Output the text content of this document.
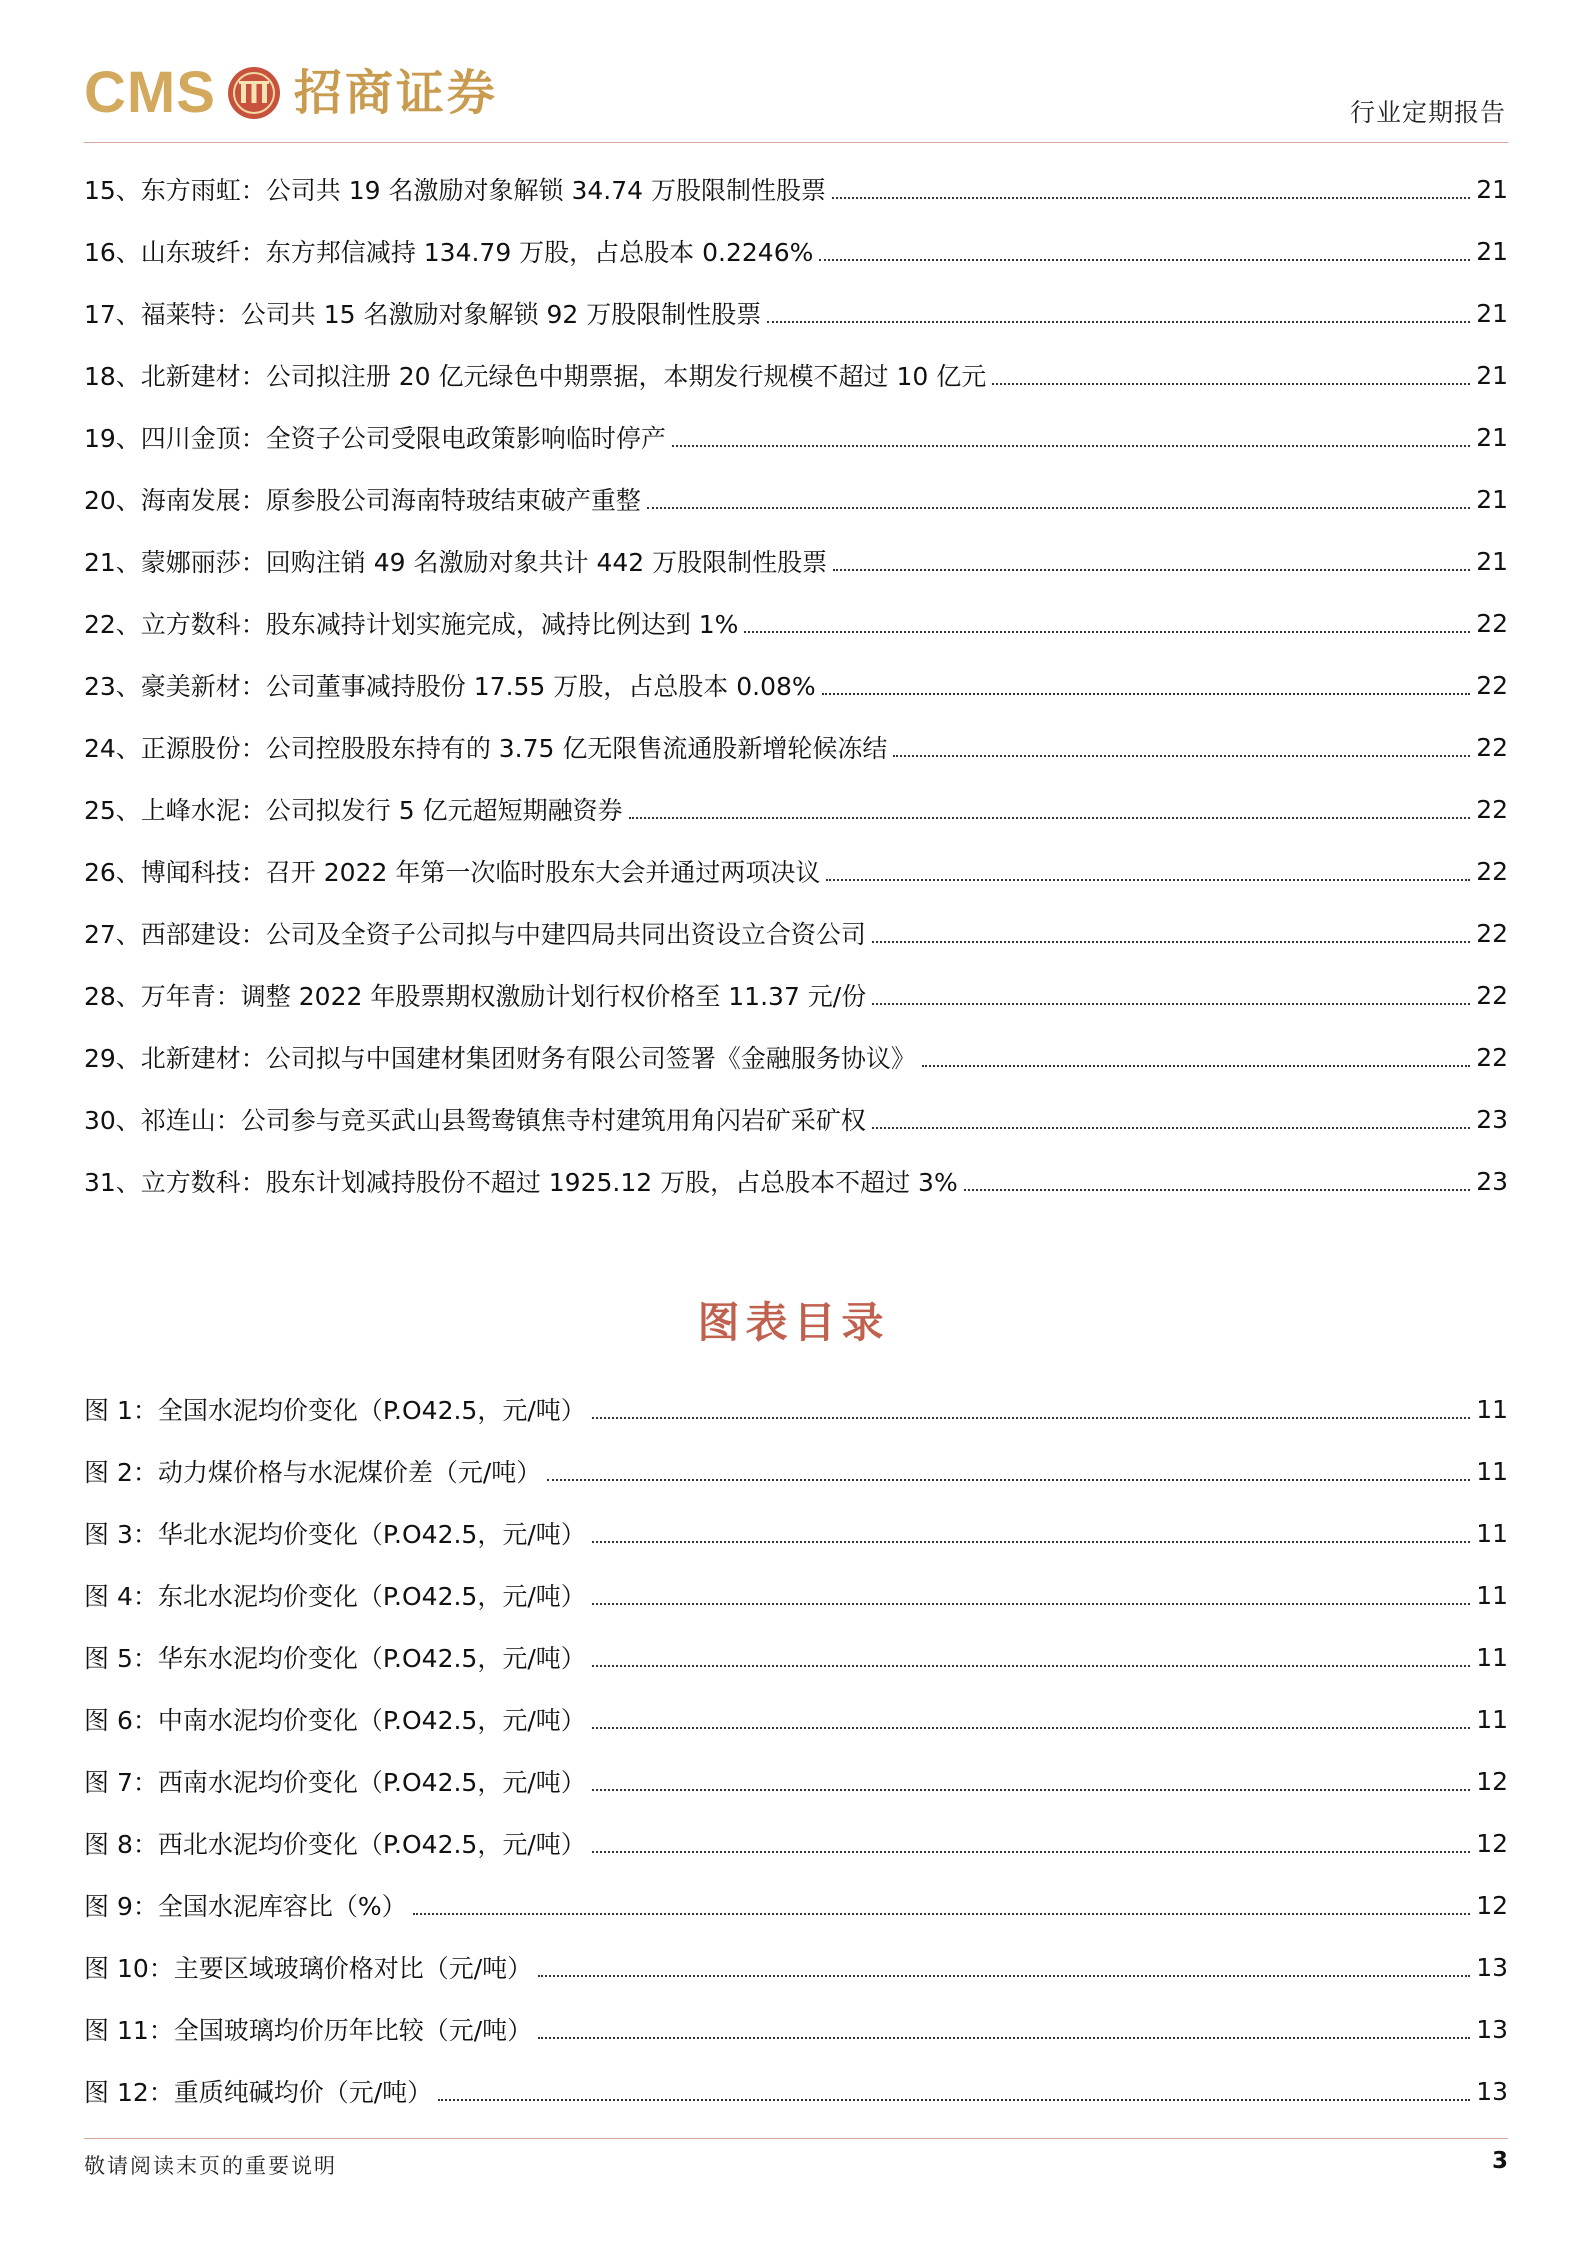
CMS 招商证券	行业定期报告
15、东方雨虹：公司共 19 名激励对象解锁 34.74 万股限制性股票	21
16、山东玻纤：东方邦信减持 134.79 万股，占总股本 0.2246%	21
17、福莱特：公司共 15 名激励对象解锁 92 万股限制性股票	21
18、北新建材：公司拟注册 20 亿元绿色中期票据，本期发行规模不超过 10 亿元	21
19、四川金顶：全资子公司受限电政策影响临时停产	21
20、海南发展：原参股公司海南特玻结束破产重整	21
21、蒙娜丽莎：回购注销 49 名激励对象共计 442 万股限制性股票	21
22、立方数科：股东减持计划实施完成，减持比例达到 1%	22
23、豪美新材：公司董事减持股份 17.55 万股，占总股本 0.08%	22
24、正源股份：公司控股股东持有的 3.75 亿无限售流通股新增轮候冻结	22
25、上峰水泥：公司拟发行 5 亿元超短期融资券	22
26、博闻科技：召开 2022 年第一次临时股东大会并通过两项决议	22
27、西部建设：公司及全资子公司拟与中建四局共同出资设立合资公司	22
28、万年青：调整 2022 年股票期权激励计划行权价格至 11.37 元/份	22
29、北新建材：公司拟与中国建材集团财务有限公司签署《金融服务协议》	22
30、祁连山：公司参与竞买武山县鸳鸯镇焦寺村建筑用角闪岩矿采矿权	23
31、立方数科：股东计划减持股份不超过 1925.12 万股，占总股本不超过 3%	23
图表目录
图 1：全国水泥均价变化（P.O42.5，元/吨）	11
图 2：动力煤价格与水泥煤价差（元/吨）	11
图 3：华北水泥均价变化（P.O42.5，元/吨）	11
图 4：东北水泥均价变化（P.O42.5，元/吨）	11
图 5：华东水泥均价变化（P.O42.5，元/吨）	11
图 6：中南水泥均价变化（P.O42.5，元/吨）	11
图 7：西南水泥均价变化（P.O42.5，元/吨）	12
图 8：西北水泥均价变化（P.O42.5，元/吨）	12
图 9：全国水泥库容比（%）	12
图 10：主要区域玻璃价格对比（元/吨）	13
图 11：全国玻璃均价历年比较（元/吨）	13
图 12：重质纯碱均价（元/吨）	13
敬请阅读末页的重要说明	3
